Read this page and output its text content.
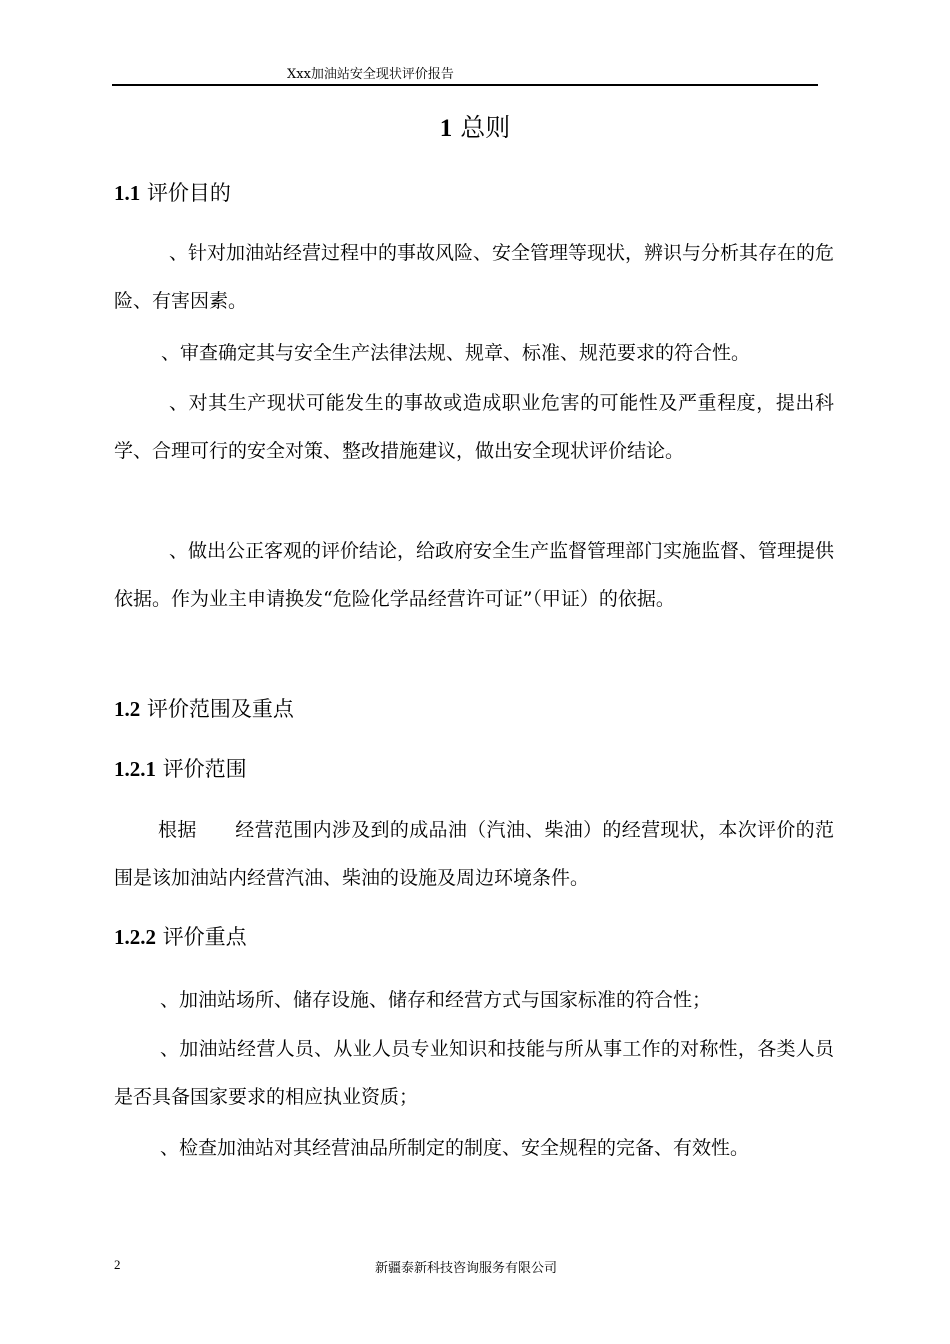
Xxx加油站安全现状评价报告
1 总则
1.1 评价目的

、针对加油站经营过程中的事故风险、安全管理等现状，辨识与分析其存在的危险、有害因素。

、审查确定其与安全生产法律法规、规章、标准、规范要求的符合性。

、对其生产现状可能发生的事故或造成职业危害的可能性及严重程度，提出科学、合理可行的安全对策、整改措施建议，做出安全现状评价结论。

、做出公正客观的评价结论，给政府安全生产监督管理部门实施监督、管理提供依据。作为业主申请换发“危险化学品经营许可证”（甲证）的依据。

1.2 评价范围及重点
1.2.1 评价范围

根据　　经营范围内涉及到的成品油（汽油、柴油）的经营现状，本次评价的范围是该加油站内经营汽油、柴油的设施及周边环境条件。

1.2.2 评价重点

、加油站场所、储存设施、储存和经营方式与国家标准的符合性；

、加油站经营人员、从业人员专业知识和技能与所从事工作的对称性，各类人员是否具备国家要求的相应执业资质；

、检查加油站对其经营油品所制定的制度、安全规程的完备、有效性。

2	新疆泰新科技咨询服务有限公司
